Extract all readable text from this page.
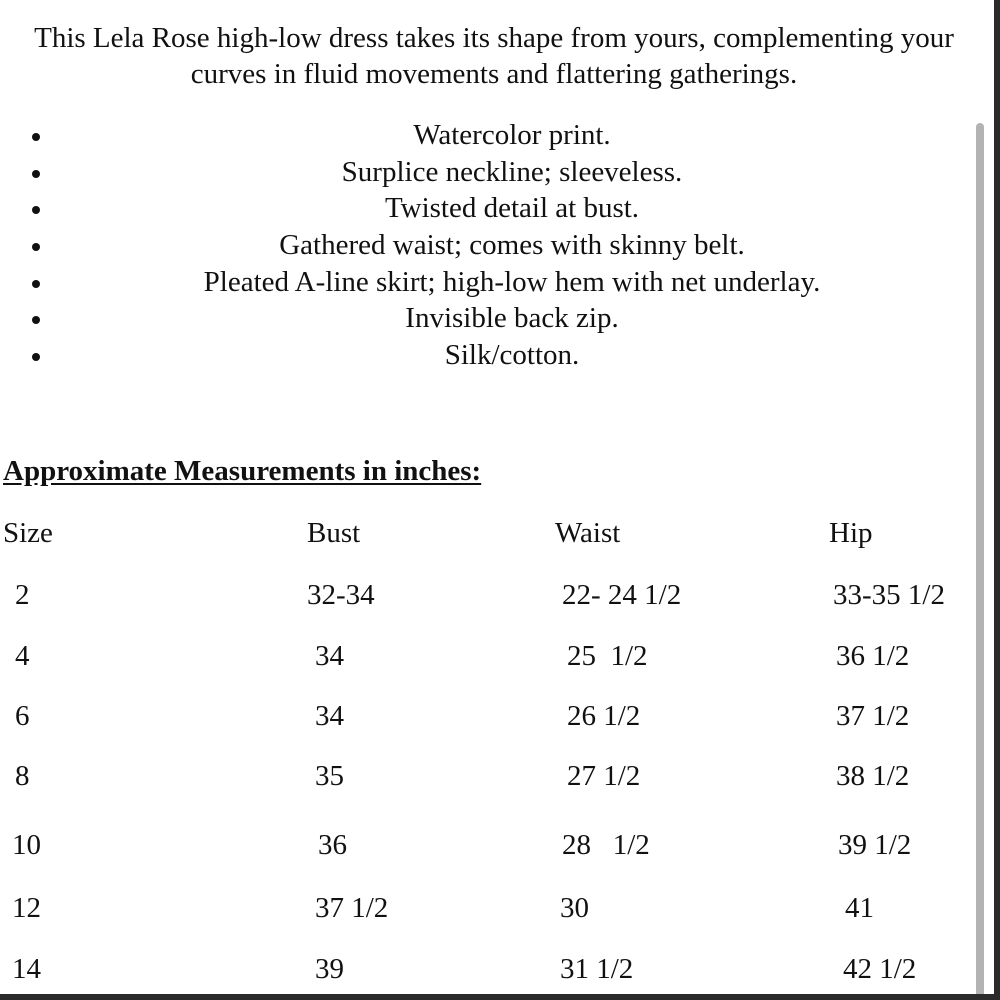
This Lela Rose high-low dress takes its shape from yours, complementing your
curves in fluid movements and flattering gatherings.
Watercolor print.
Surplice neckline; sleeveless.
Twisted detail at bust.
Gathered waist; comes with skinny belt.
Pleated A-line skirt; high-low hem with net underlay.
Invisible back zip.
Silk/cotton.
Approximate Measurements in inches:
Size	Bust	Waist	Hip
2	32-34	22- 24 1/2	33-35 1/2
4	34	25  1/2	36 1/2
6	34	26 1/2	37 1/2
8	35	27 1/2	38 1/2
10	36	28   1/2	39 1/2
12	37 1/2	30	41
14	39	31 1/2	42 1/2
